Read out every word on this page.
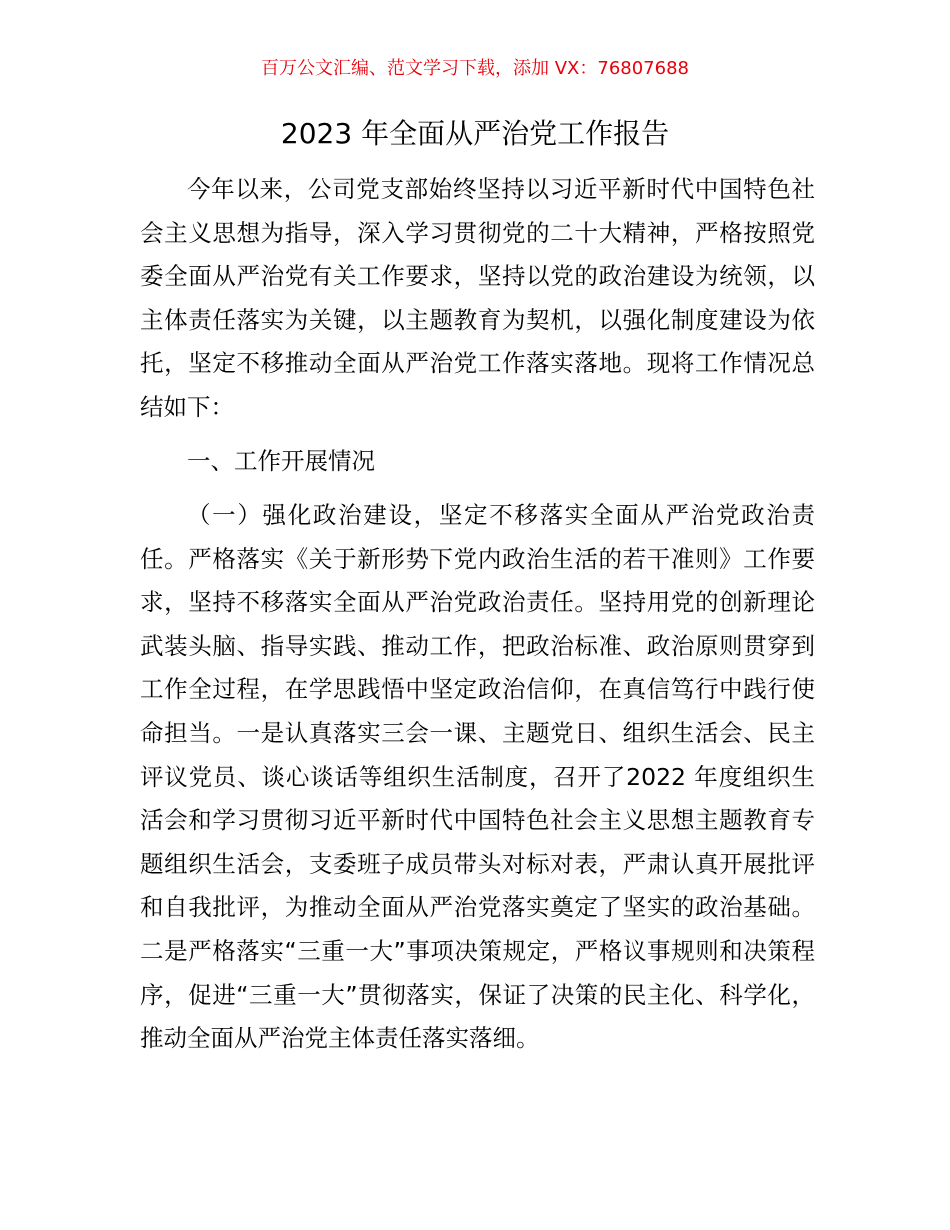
百万公文汇编、范文学习下载，添加 VX：76807688
2023 年全面从严治党工作报告

今年以来，公司党支部始终坚持以习近平新时代中国特色社会主义思想为指导，深入学习贯彻党的二十大精神，严格按照党委全面从严治党有关工作要求，坚持以党的政治建设为统领，以主体责任落实为关键，以主题教育为契机，以强化制度建设为依托，坚定不移推动全面从严治党工作落实落地。现将工作情况总结如下：

一、工作开展情况

（一）强化政治建设，坚定不移落实全面从严治党政治责任。严格落实《关于新形势下党内政治生活的若干准则》工作要求，坚持不移落实全面从严治党政治责任。坚持用党的创新理论武装头脑、指导实践、推动工作，把政治标准、政治原则贯穿到工作全过程，在学思践悟中坚定政治信仰，在真信笃行中践行使命担当。一是认真落实三会一课、主题党日、组织生活会、民主评议党员、谈心谈话等组织生活制度，召开了2022 年度组织生活会和学习贯彻习近平新时代中国特色社会主义思想主题教育专题组织生活会，支委班子成员带头对标对表，严肃认真开展批评和自我批评，为推动全面从严治党落实奠定了坚实的政治基础。二是严格落实“三重一大”事项决策规定，严格议事规则和决策程序，促进“三重一大”贯彻落实，保证了决策的民主化、科学化，推动全面从严治党主体责任落实落细。
